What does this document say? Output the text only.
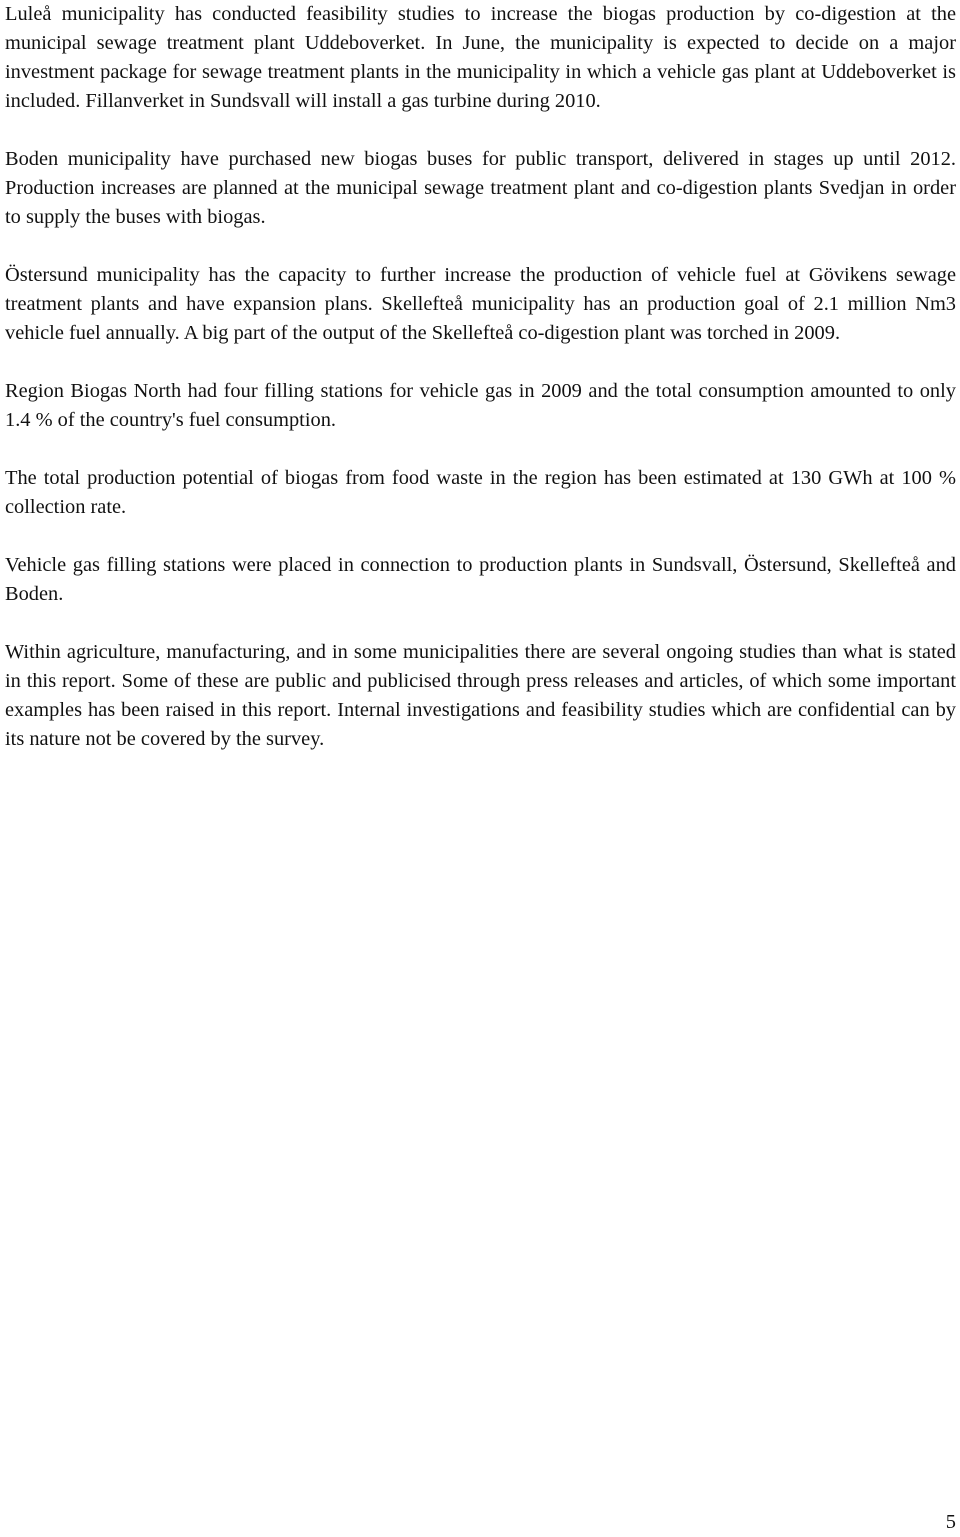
Luleå municipality has conducted feasibility studies to increase the biogas production by co-digestion at the municipal sewage treatment plant Uddeboverket. In June, the municipality is expected to decide on a major investment package for sewage treatment plants in the municipality in which a vehicle gas plant at Uddeboverket is included. Fillanverket in Sundsvall will install a gas turbine during 2010.

Boden municipality have purchased new biogas buses for public transport, delivered in stages up until 2012. Production increases are planned at the municipal sewage treatment plant and co-digestion plants Svedjan in order to supply the buses with biogas.

Östersund municipality has the capacity to further increase the production of vehicle fuel at Gövikens sewage treatment plants and have expansion plans. Skellefteå municipality has an production goal of 2.1 million Nm3 vehicle fuel annually. A big part of the output of the Skellefteå co-digestion plant was torched in 2009.

Region Biogas North had four filling stations for vehicle gas in 2009 and the total consumption amounted to only 1.4 % of the country's fuel consumption.

The total production potential of biogas from food waste in the region has been estimated at 130 GWh at 100 % collection rate.

Vehicle gas filling stations were placed in connection to production plants in Sundsvall, Östersund, Skellefteå and Boden.

Within agriculture, manufacturing, and in some municipalities there are several ongoing studies than what is stated in this report. Some of these are public and publicised through press releases and articles, of which some important examples has been raised in this report. Internal investigations and feasibility studies which are confidential can by its nature not be covered by the survey.

5
